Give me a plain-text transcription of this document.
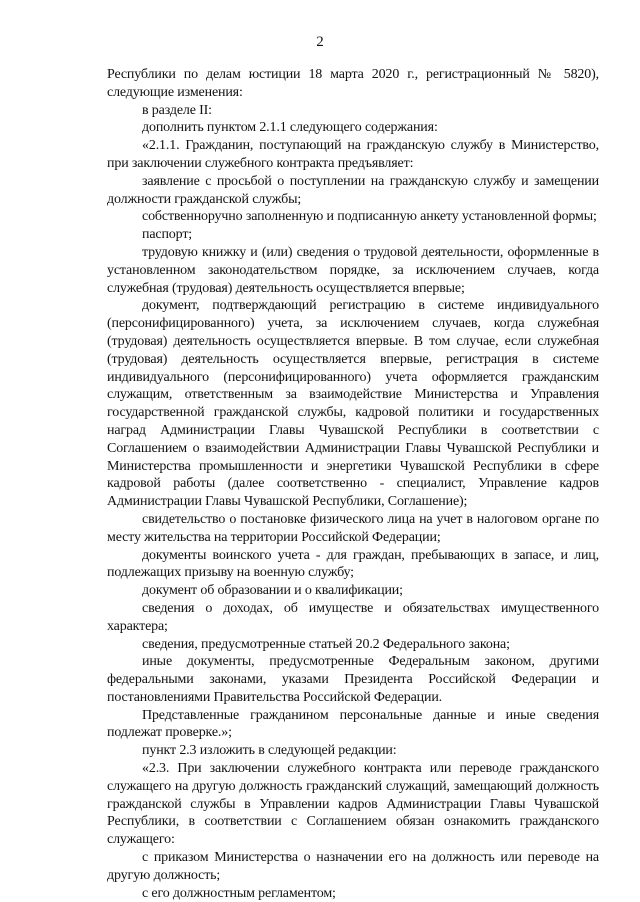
2

Республики по делам юстиции 18 марта 2020 г., регистрационный № 5820), следующие изменения:

в разделе II:

дополнить пунктом 2.1.1 следующего содержания:

«2.1.1. Гражданин, поступающий на гражданскую службу в Министерство, при заключении служебного контракта предъявляет:

заявление с просьбой о поступлении на гражданскую службу и замещении должности гражданской службы;

собственноручно заполненную и подписанную анкету установленной формы;

паспорт;

трудовую книжку и (или) сведения о трудовой деятельности, оформленные в установленном законодательством порядке, за исключением случаев, когда служебная (трудовая) деятельность осуществляется впервые;

документ, подтверждающий регистрацию в системе индивидуального (персонифицированного) учета, за исключением случаев, когда служебная (трудовая) деятельность осуществляется впервые. В том случае, если служебная (трудовая) деятельность осуществляется впервые, регистрация в системе индивидуального (персонифицированного) учета оформляется гражданским служащим, ответственным за взаимодействие Министерства и Управления государственной гражданской службы, кадровой политики и государственных наград Администрации Главы Чувашской Республики в соответствии с Соглашением о взаимодействии Администрации Главы Чувашской Республики и Министерства промышленности и энергетики Чувашской Республики в сфере кадровой работы (далее соответственно - специалист, Управление кадров Администрации Главы Чувашской Республики, Соглашение);

свидетельство о постановке физического лица на учет в налоговом органе по месту жительства на территории Российской Федерации;

документы воинского учета - для граждан, пребывающих в запасе, и лиц, подлежащих призыву на военную службу;

документ об образовании и о квалификации;

сведения о доходах, об имуществе и обязательствах имущественного характера;

сведения, предусмотренные статьей 20.2 Федерального закона;

иные документы, предусмотренные Федеральным законом, другими федеральными законами, указами Президента Российской Федерации и постановлениями Правительства Российской Федерации.

Представленные гражданином персональные данные и иные сведения подлежат проверке.»;

пункт 2.3 изложить в следующей редакции:

«2.3. При заключении служебного контракта или переводе гражданского служащего на другую должность гражданский служащий, замещающий должность гражданской службы в Управлении кадров Администрации Главы Чувашской Республики, в соответствии с Соглашением обязан ознакомить гражданского служащего:

с приказом Министерства о назначении его на должность или переводе на другую должность;

с его должностным регламентом;
